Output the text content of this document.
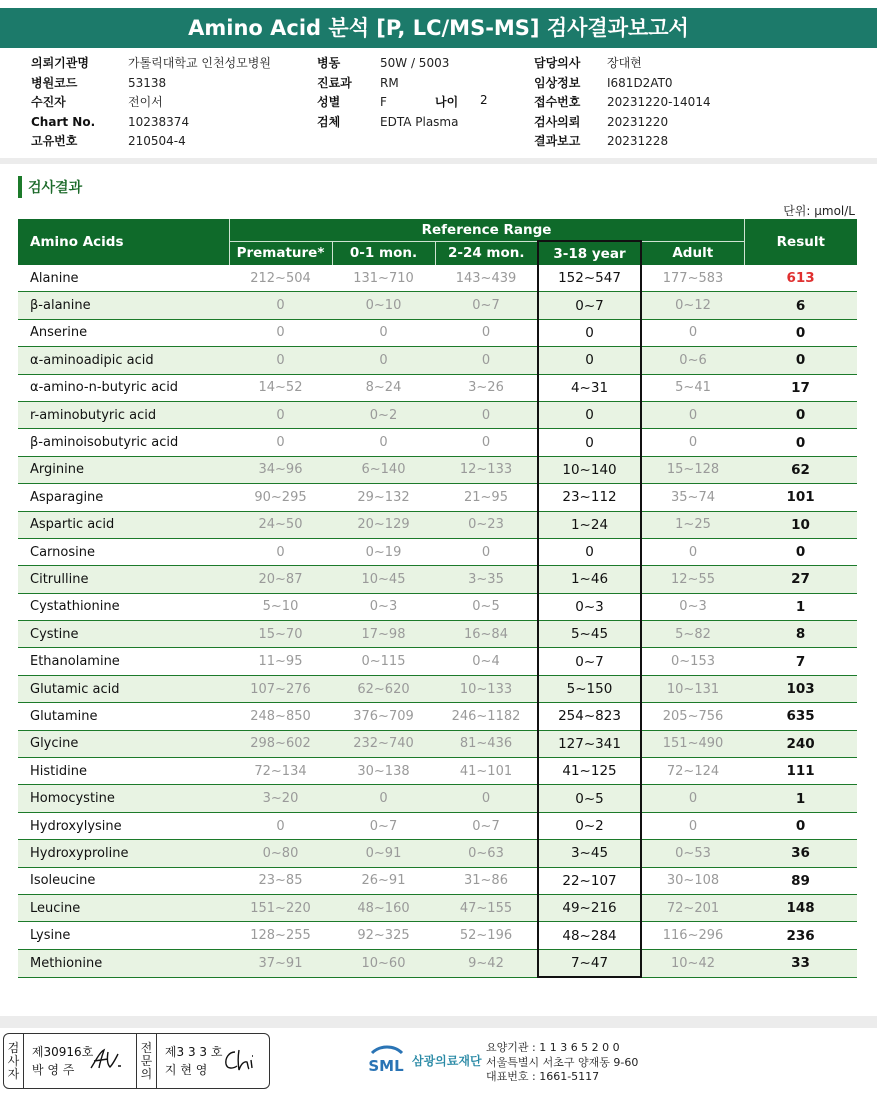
Amino Acid 분석 [P, LC/MS-MS] 검사결과보고서
의뢰기관명	가톨릭대학교 인천성모병원
병원코드	53138
수진자	전이서
Chart No.	10238374
고유번호	210504-4
병동	50W / 5003
진료과	RM
성별	F
검체	EDTA Plasma
나이 2
담당의사	장대현
임상정보	I681D2AT0
접수번호	20231220-14014
검사의뢰	20231220
결과보고	20231228
검사결과
단위: μmol/L
Amino Acids	Reference Range					Result
	Premature*	0-1 mon.	2-24 mon.	3-18 year	Adult	
Alanine	212~504	131~710	143~439	152~547	177~583	613
β-alanine	0	0~10	0~7	0~7	0~12	6
Anserine	0	0	0	0	0	0
α-aminoadipic acid	0	0	0	0	0~6	0
α-amino-n-butyric acid	14~52	8~24	3~26	4~31	5~41	17
r-aminobutyric acid	0	0~2	0	0	0	0
β-aminoisobutyric acid	0	0	0	0	0	0
Arginine	34~96	6~140	12~133	10~140	15~128	62
Asparagine	90~295	29~132	21~95	23~112	35~74	101
Aspartic acid	24~50	20~129	0~23	1~24	1~25	10
Carnosine	0	0~19	0	0	0	0
Citrulline	20~87	10~45	3~35	1~46	12~55	27
Cystathionine	5~10	0~3	0~5	0~3	0~3	1
Cystine	15~70	17~98	16~84	5~45	5~82	8
Ethanolamine	11~95	0~115	0~4	0~7	0~153	7
Glutamic acid	107~276	62~620	10~133	5~150	10~131	103
Glutamine	248~850	376~709	246~1182	254~823	205~756	635
Glycine	298~602	232~740	81~436	127~341	151~490	240
Histidine	72~134	30~138	41~101	41~125	72~124	111
Homocystine	3~20	0	0	0~5	0	1
Hydroxylysine	0	0~7	0~7	0~2	0	0
Hydroxyproline	0~80	0~91	0~63	3~45	0~53	36
Isoleucine	23~85	26~91	31~86	22~107	30~108	89
Leucine	151~220	48~160	47~155	49~216	72~201	148
Lysine	128~255	92~325	52~196	48~284	116~296	236
Methionine	37~91	10~60	9~42	7~47	10~42	33
검
사
자
제30916호
박 영 주
전
문
의
제3 3 3 호
지 현 영	SML 삼광의료재단
요양기관 : 1 1 3 6 5 2 0 0
서울특별시 서초구 양재동 9-60
대표번호 : 1661-5117
